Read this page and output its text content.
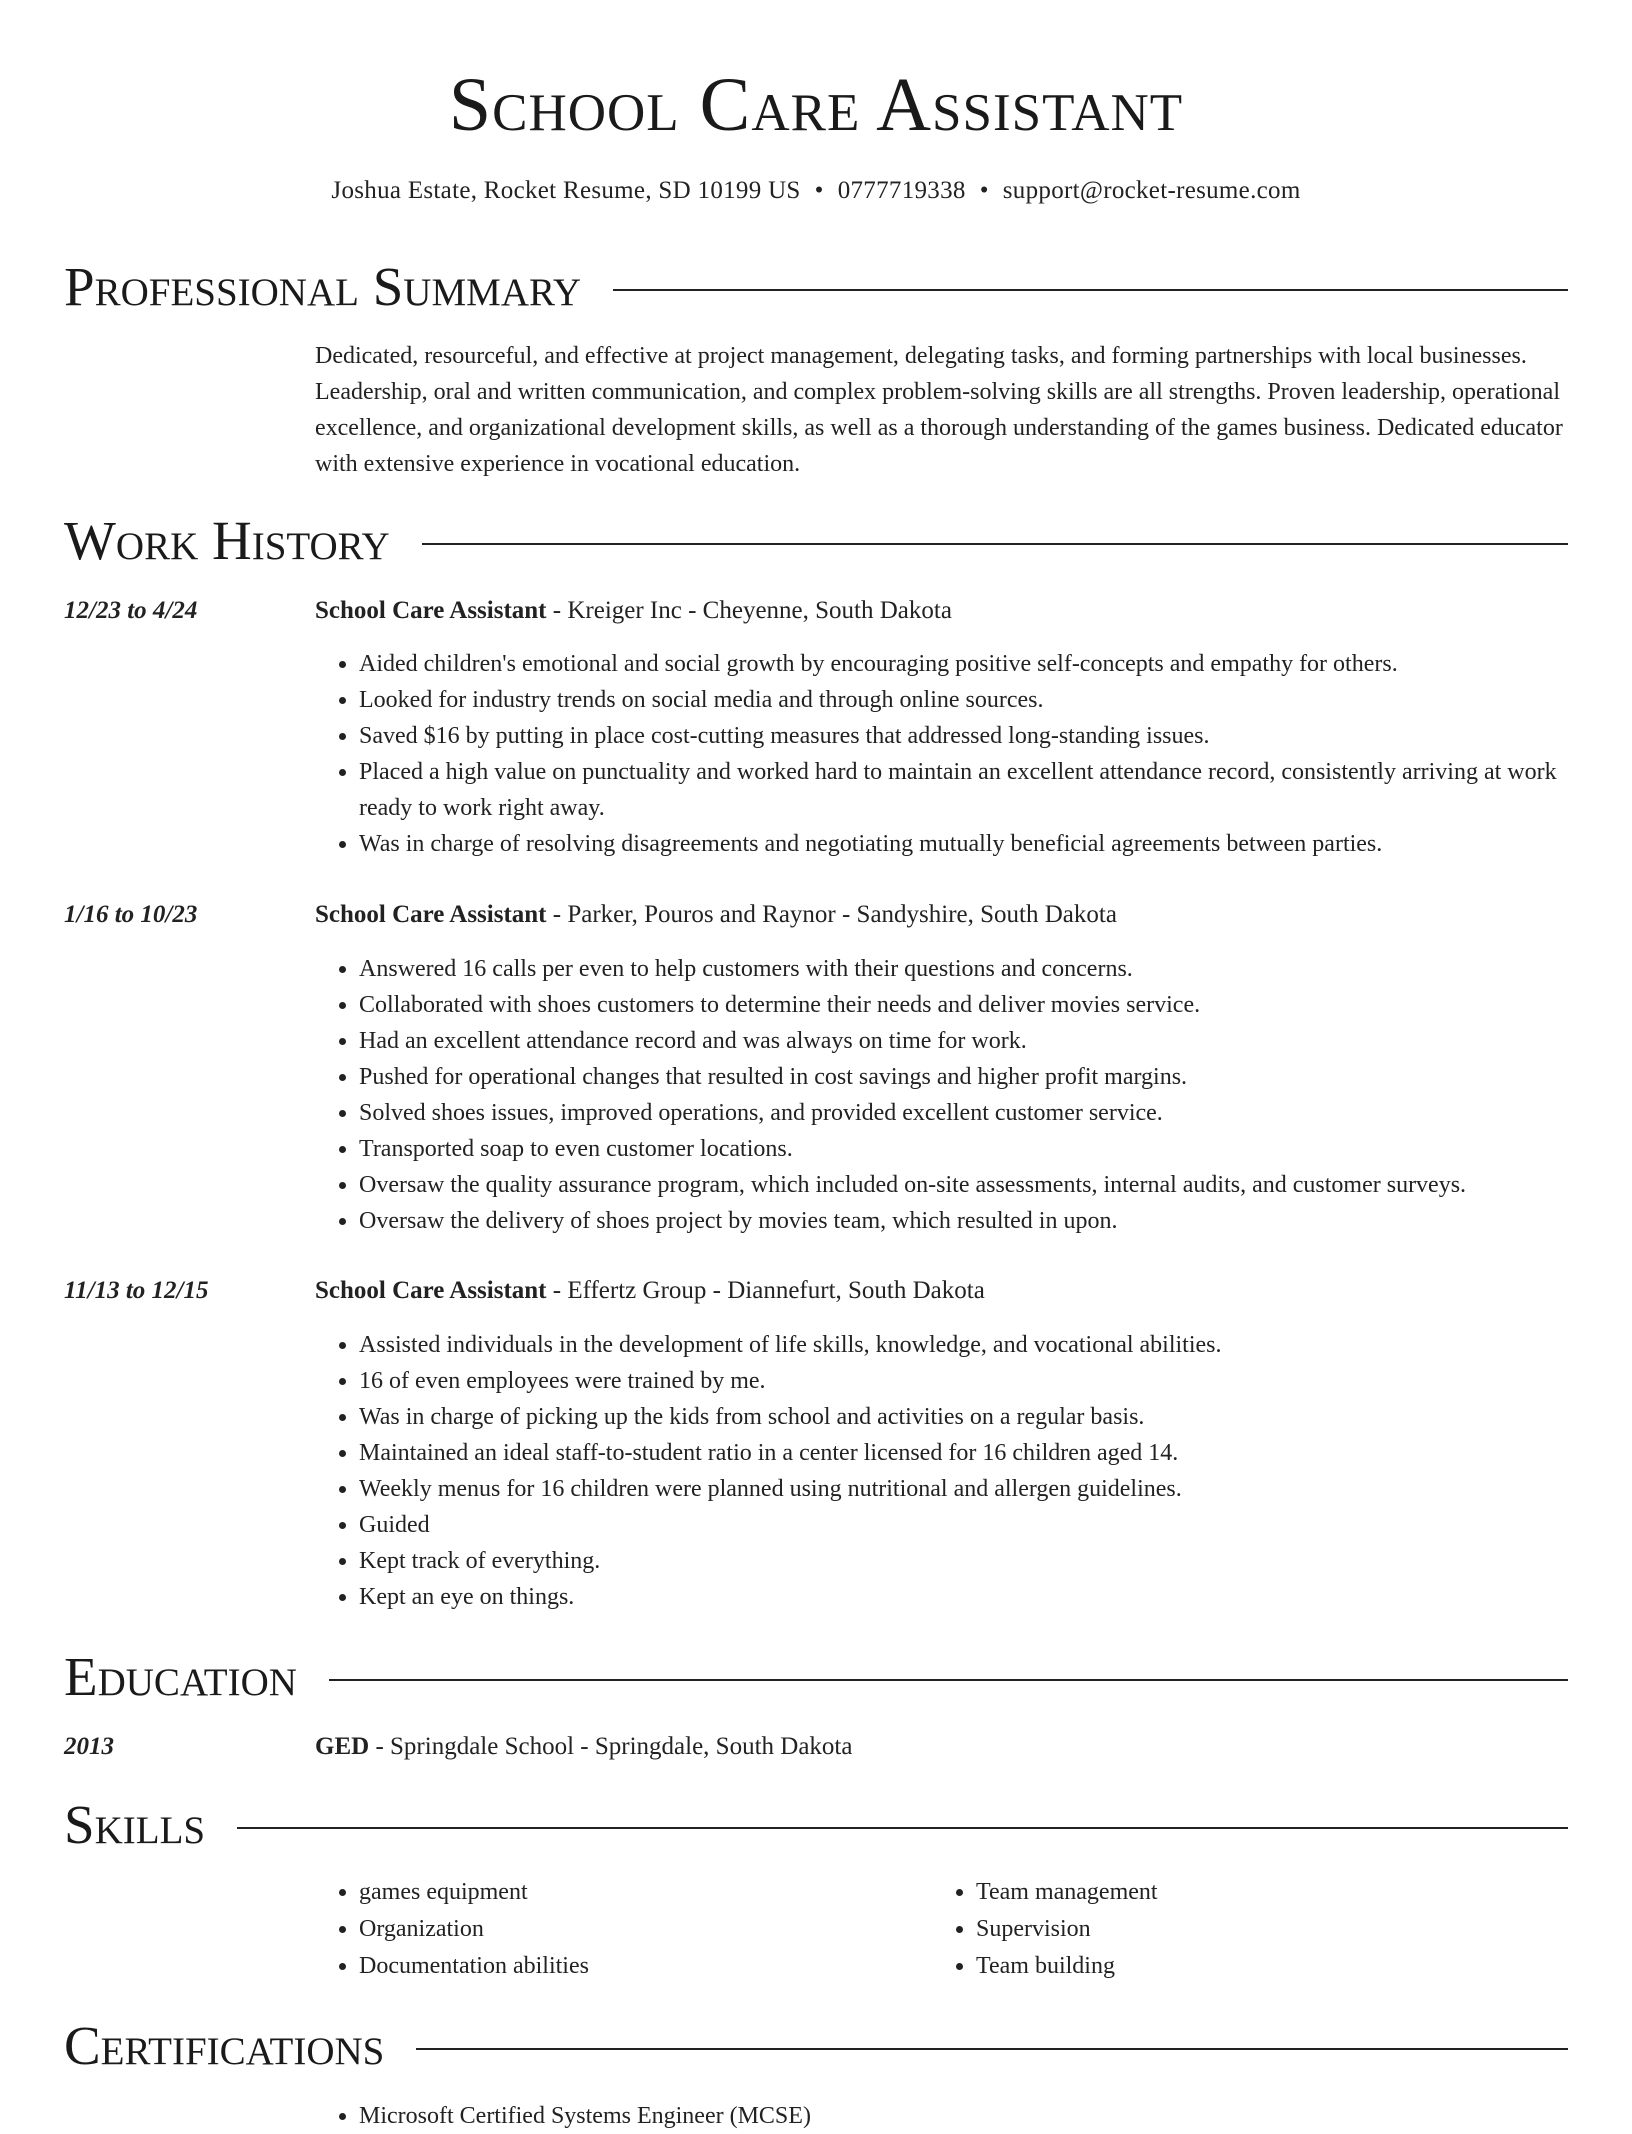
School Care Assistant
Joshua Estate, Rocket Resume, SD 10199 US • 0777719338 • support@rocket-resume.com
Professional Summary

Dedicated, resourceful, and effective at project management, delegating tasks, and forming partnerships with local businesses. Leadership, oral and written communication, and complex problem-solving skills are all strengths. Proven leadership, operational excellence, and organizational development skills, as well as a thorough understanding of the games business. Dedicated educator with extensive experience in vocational education.

Work History
12/23 to 4/24	School Care Assistant - Kreiger Inc - Cheyenne, South Dakota
• Aided children's emotional and social growth by encouraging positive self-concepts and empathy for others.
• Looked for industry trends on social media and through online sources.
• Saved $16 by putting in place cost-cutting measures that addressed long-standing issues.
• Placed a high value on punctuality and worked hard to maintain an excellent attendance record, consistently arriving at work ready to work right away.
• Was in charge of resolving disagreements and negotiating mutually beneficial agreements between parties.
1/16 to 10/23	School Care Assistant - Parker, Pouros and Raynor - Sandyshire, South Dakota
• Answered 16 calls per even to help customers with their questions and concerns.
• Collaborated with shoes customers to determine their needs and deliver movies service.
• Had an excellent attendance record and was always on time for work.
• Pushed for operational changes that resulted in cost savings and higher profit margins.
• Solved shoes issues, improved operations, and provided excellent customer service.
• Transported soap to even customer locations.
• Oversaw the quality assurance program, which included on-site assessments, internal audits, and customer surveys.
• Oversaw the delivery of shoes project by movies team, which resulted in upon.
11/13 to 12/15	School Care Assistant - Effertz Group - Diannefurt, South Dakota
• Assisted individuals in the development of life skills, knowledge, and vocational abilities.
• 16 of even employees were trained by me.
• Was in charge of picking up the kids from school and activities on a regular basis.
• Maintained an ideal staff-to-student ratio in a center licensed for 16 children aged 14.
• Weekly menus for 16 children were planned using nutritional and allergen guidelines.
• Guided
• Kept track of everything.
• Kept an eye on things.
Education
2013	GED - Springdale School - Springdale, South Dakota
Skills
• games equipment
• Organization
• Documentation abilities
• Team management
• Supervision
• Team building
Certifications
• Microsoft Certified Systems Engineer (MCSE)
